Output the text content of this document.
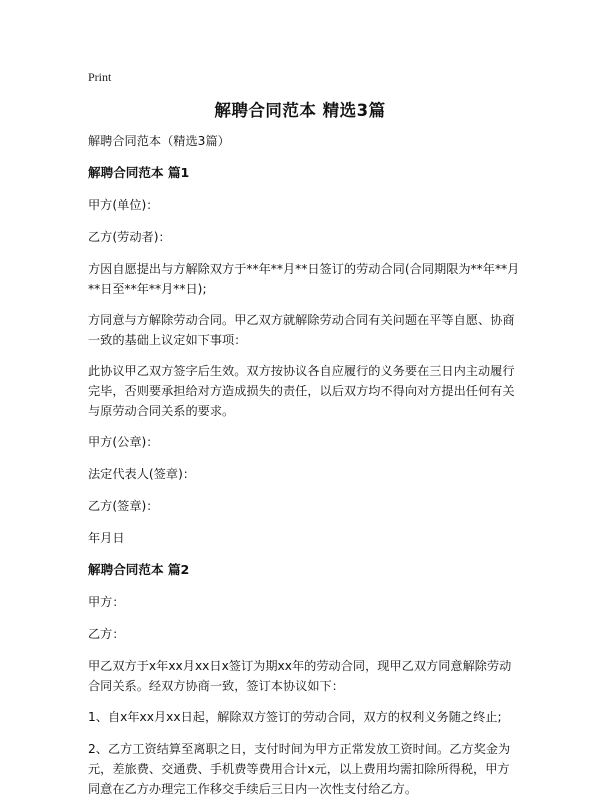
Print
解聘合同范本 精选3篇

解聘合同范本（精选3篇）

解聘合同范本 篇1

甲方(单位)：

乙方(劳动者)：

方因自愿提出与方解除双方于**年**月**日签订的劳动合同(合同期限为**年**月**日至**年**月**日);

方同意与方解除劳动合同。甲乙双方就解除劳动合同有关问题在平等自愿、协商一致的基础上议定如下事项：

此协议甲乙双方签字后生效。双方按协议各自应履行的义务要在三日内主动履行完毕，否则要承担给对方造成损失的责任，以后双方均不得向对方提出任何有关与原劳动合同关系的要求。

甲方(公章)：

法定代表人(签章)：

乙方(签章)：

年月日

解聘合同范本 篇2

甲方：

乙方：

甲乙双方于x年xx月xx日x签订为期xx年的劳动合同，现甲乙双方同意解除劳动合同关系。经双方协商一致，签订本协议如下：

1、自x年xx月xx日起，解除双方签订的劳动合同，双方的权利义务随之终止;

2、乙方工资结算至离职之日，支付时间为甲方正常发放工资时间。乙方奖金为元，差旅费、交通费、手机费等费用合计x元，以上费用均需扣除所得税，甲方同意在乙方办理完工作移交手续后三日内一次性支付给乙方。
